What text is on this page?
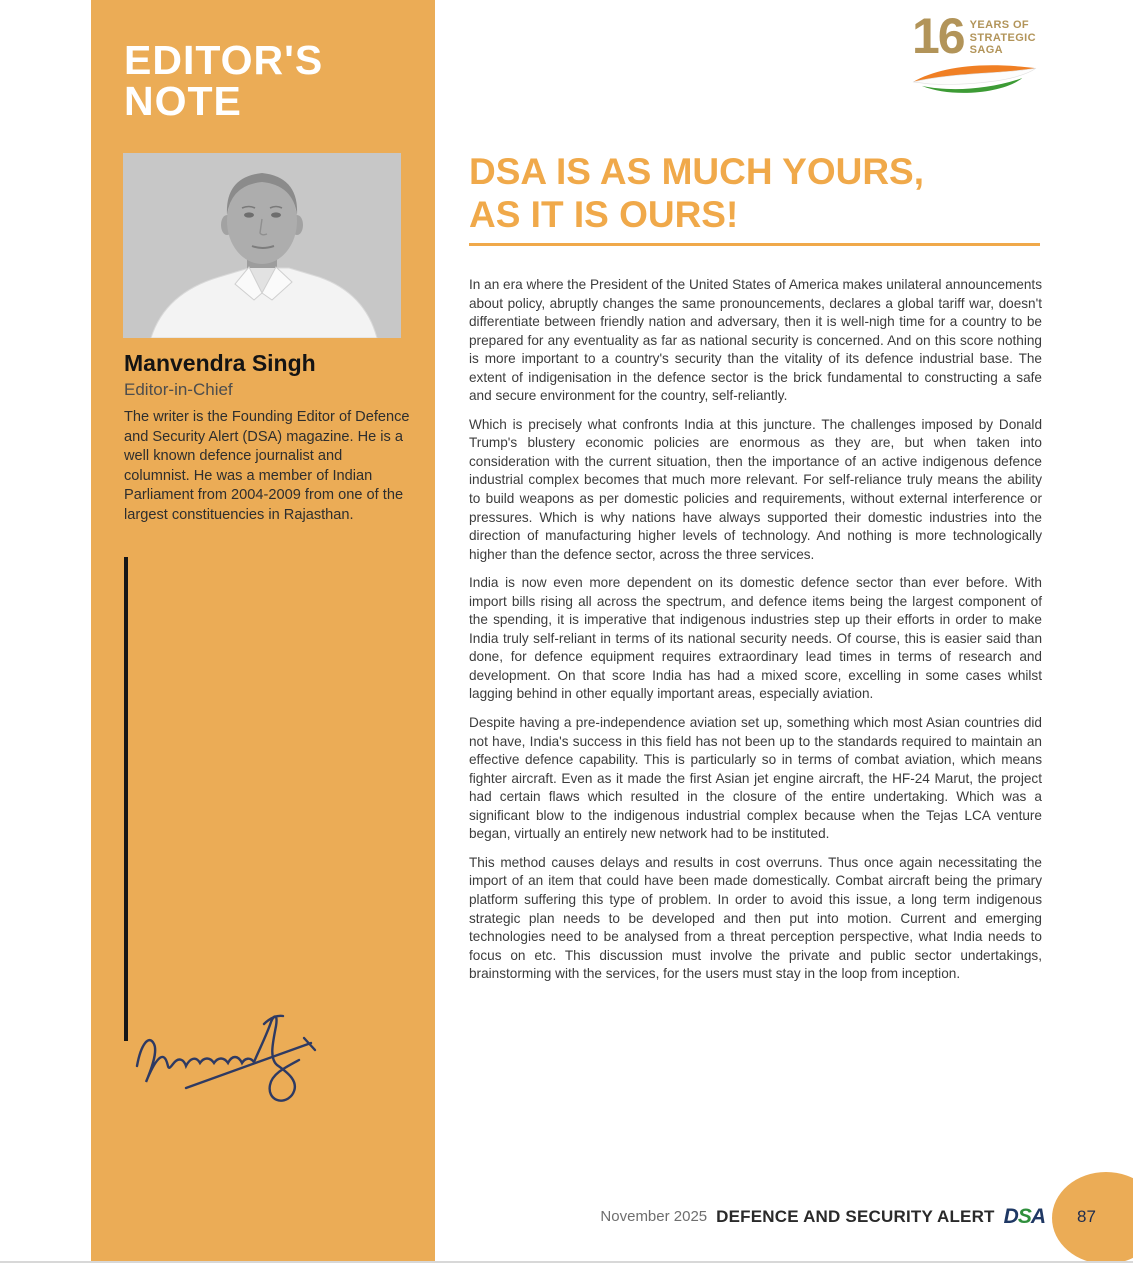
EDITOR'S
NOTE
Manvendra Singh
Editor-in-Chief

The writer is the Founding Editor of Defence and Security Alert (DSA) magazine. He is a well known defence journalist and columnist. He was a member of Indian Parliament from 2004-2009 from one of the largest constituencies in Rajasthan.

16 YEARS OF
STRATEGIC
SAGA
DSA IS AS MUCH YOURS,
AS IT IS OURS!

In an era where the President of the United States of America makes unilateral announcements about policy, abruptly changes the same pronouncements, declares a global tariff war, doesn't differentiate between friendly nation and adversary, then it is well-nigh time for a country to be prepared for any eventuality as far as national security is concerned. And on this score nothing is more important to a country's security than the vitality of its defence industrial base. The extent of indigenisation in the defence sector is the brick fundamental to constructing a safe and secure environment for the country, self-reliantly.

Which is precisely what confronts India at this juncture. The challenges imposed by Donald Trump's blustery economic policies are enormous as they are, but when taken into consideration with the current situation, then the importance of an active indigenous defence industrial complex becomes that much more relevant. For self-reliance truly means the ability to build weapons as per domestic policies and requirements, without external interference or pressures. Which is why nations have always supported their domestic industries into the direction of manufacturing higher levels of technology. And nothing is more technologically higher than the defence sector, across the three services.

India is now even more dependent on its domestic defence sector than ever before. With import bills rising all across the spectrum, and defence items being the largest component of the spending, it is imperative that indigenous industries step up their efforts in order to make India truly self-reliant in terms of its national security needs. Of course, this is easier said than done, for defence equipment requires extraordinary lead times in terms of research and development. On that score India has had a mixed score, excelling in some cases whilst lagging behind in other equally important areas, especially aviation.

Despite having a pre-independence aviation set up, something which most Asian countries did not have, India's success in this field has not been up to the standards required to maintain an effective defence capability. This is particularly so in terms of combat aviation, which means fighter aircraft. Even as it made the first Asian jet engine aircraft, the HF-24 Marut, the project had certain flaws which resulted in the closure of the entire undertaking. Which was a significant blow to the indigenous industrial complex because when the Tejas LCA venture began, virtually an entirely new network had to be instituted.

This method causes delays and results in cost overruns. Thus once again necessitating the import of an item that could have been made domestically. Combat aircraft being the primary platform suffering this type of problem. In order to avoid this issue, a long term indigenous strategic plan needs to be developed and then put into motion. Current and emerging technologies need to be analysed from a threat perception perspective, what India needs to focus on etc. This discussion must involve the private and public sector undertakings, brainstorming with the services, for the users must stay in the loop from inception.

November 2025 DEFENCE AND SECURITY ALERT DSA 87
